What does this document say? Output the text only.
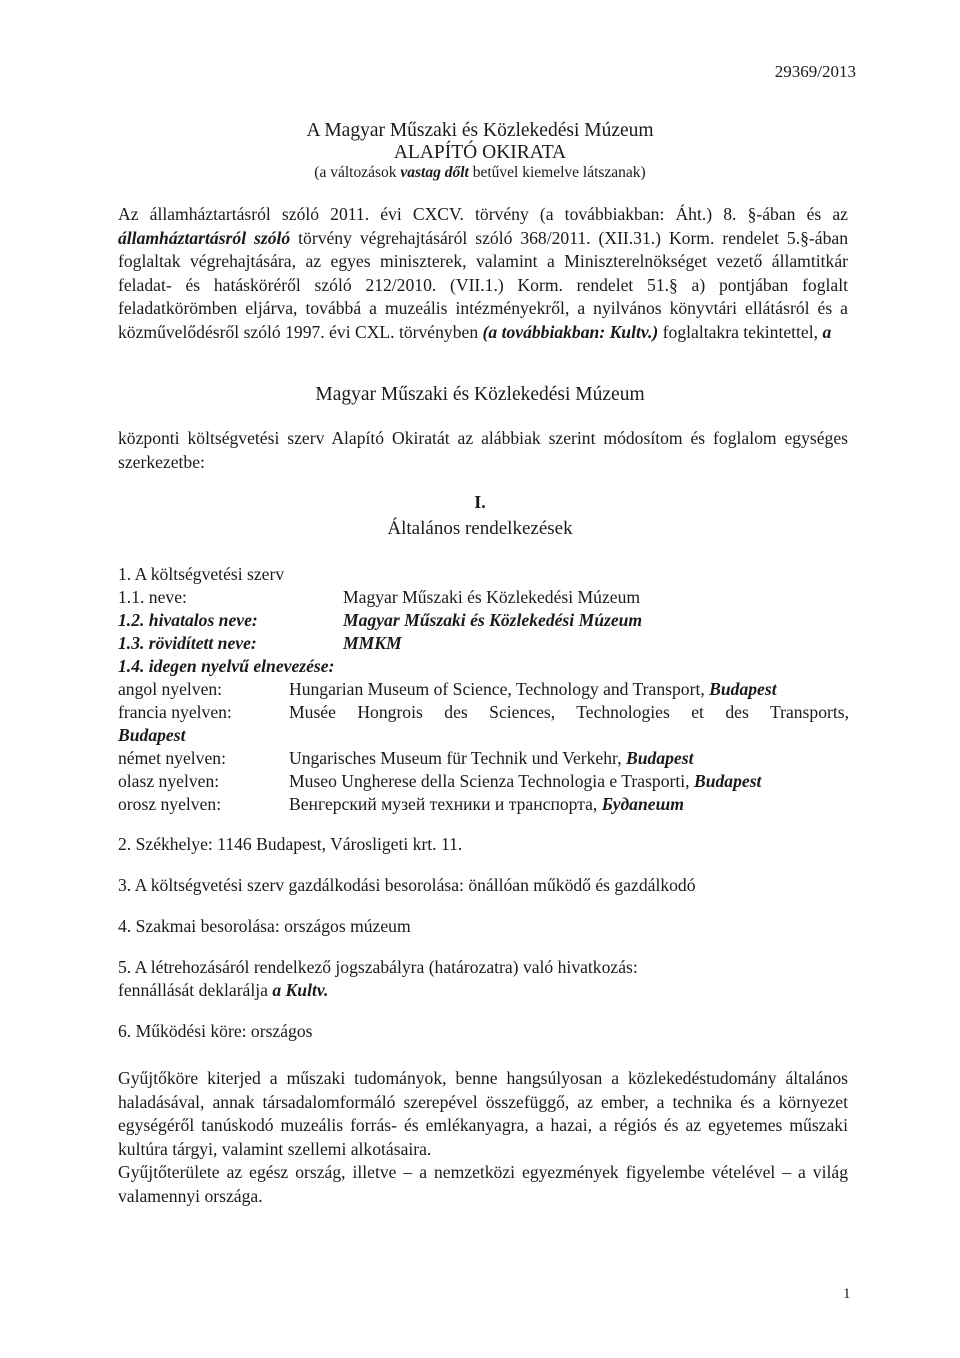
29369/2013
A Magyar Műszaki és Közlekedési Múzeum
ALAPÍTÓ OKIRATA
(a változások vastag dőlt betűvel kiemelve látszanak)
Az államháztartásról szóló 2011. évi CXCV. törvény (a továbbiakban: Áht.) 8. §-ában és az államháztartásról szóló törvény végrehajtásáról szóló 368/2011. (XII.31.) Korm. rendelet 5.§-ában foglaltak végrehajtására, az egyes miniszterek, valamint a Miniszterelnökséget vezető államtitkár feladat- és hatásköréről szóló 212/2010. (VII.1.) Korm. rendelet 51.§ a) pontjában foglalt feladatkörömben eljárva, továbbá a muzeális intézményekről, a nyilvános könyvtári ellátásról és a közművelődésről szóló 1997. évi CXL. törvényben (a továbbiakban: Kultv.) foglaltakra tekintettel, a
Magyar Műszaki és Közlekedési Múzeum
központi költségvetési szerv Alapító Okiratát az alábbiak szerint módosítom és foglalom egységes szerkezetbe:
I.
Általános rendelkezések
1. A költségvetési szerv
1.1. neve:	Magyar Műszaki és Közlekedési Múzeum
1.2. hivatalos neve:	Magyar Műszaki és Közlekedési Múzeum
1.3. rövidített neve:	MMKM
1.4. idegen nyelvű elnevezése:
angol nyelven:	Hungarian Museum of Science, Technology and Transport, Budapest
francia nyelven:	Musée Hongrois des Sciences, Technologies et des Transports,
Budapest
német nyelven:	Ungarisches Museum für Technik und Verkehr, Budapest
olasz nyelven:	Museo Ungherese della Scienza Technologia e Trasporti, Budapest
orosz nyelven:	Венгерский музей техники и транспорта, Будапешт
2. Székhelye: 1146 Budapest, Városligeti krt. 11.
3. A költségvetési szerv gazdálkodási besorolása: önállóan működő és gazdálkodó
4. Szakmai besorolása: országos múzeum
5. A létrehozásáról rendelkező jogszabályra (határozatra) való hivatkozás:
fennállását deklarálja a Kultv.
6. Működési köre: országos
Gyűjtőköre kiterjed a műszaki tudományok, benne hangsúlyosan a közlekedéstudomány általános haladásával, annak társadalomformáló szerepével összefüggő, az ember, a technika és a környezet egységéről tanúskodó muzeális forrás- és emlékanyagra, a hazai, a régiós és az egyetemes műszaki kultúra tárgyi, valamint szellemi alkotásaira.
Gyűjtőterülete az egész ország, illetve – a nemzetközi egyezmények figyelembe vételével – a világ valamennyi országa.
1
